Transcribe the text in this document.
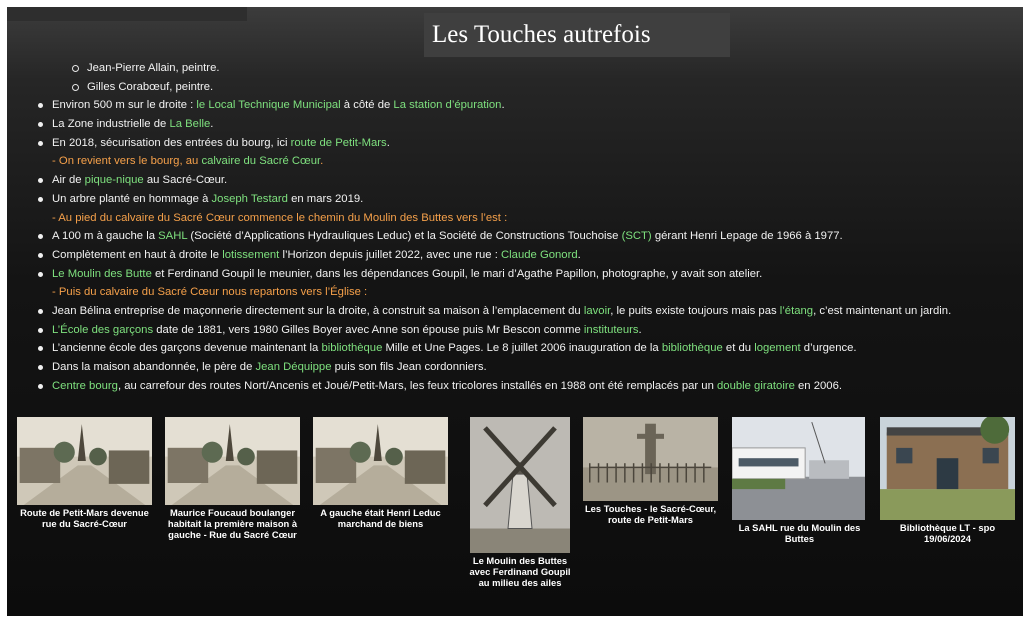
Les Touches autrefois
Jean-Pierre Allain, peintre.
Gilles Corabœuf, peintre.
Environ 500 m sur le droite : le Local Technique Municipal à côté de La station d’épuration.
La Zone industrielle de La Belle.
En 2018, sécurisation des entrées du bourg, ici route de Petit-Mars.
- On revient vers le bourg, au calvaire du Sacré Cœur.
Air de pique-nique au Sacré-Cœur.
Un arbre planté en hommage à Joseph Testard en mars 2019.
- Au pied du calvaire du Sacré Cœur commence le chemin du Moulin des Buttes vers l’est :
A 100 m à gauche la SAHL (Société d’Applications Hydrauliques Leduc) et la Société de Constructions Touchoise (SCT) gérant Henri Lepage de 1966 à 1977.
Complètement en haut à droite le lotissement l’Horizon depuis juillet 2022, avec une rue : Claude Gonord.
Le Moulin des Butte et Ferdinand Goupil le meunier, dans les dépendances Goupil, le mari d’Agathe Papillon, photographe, y avait son atelier.
- Puis du calvaire du Sacré Cœur nous repartons vers l’Église :
Jean Bélina entreprise de maçonnerie directement sur la droite, à construit sa maison à l’emplacement du lavoir, le puits existe toujours mais pas l’étang, c’est maintenant un jardin.
L’École des garçons date de 1881, vers 1980 Gilles Boyer avec Anne son épouse puis Mr Bescon comme instituteurs.
L’ancienne école des garçons devenue maintenant la bibliothèque Mille et Une Pages. Le 8 juillet 2006 inauguration de la bibliothèque et du logement d’urgence.
Dans la maison abandonnée, le père de Jean Déquippe puis son fils Jean cordonniers.
Centre bourg, au carrefour des routes Nort/Ancenis et Joué/Petit-Mars, les feux tricolores installés en 1988 ont été remplacés par un double giratoire en 2006.
Route de Petit-Mars devenue rue du Sacré-Cœur
Maurice Foucaud boulanger habitait la première maison à gauche - Rue du Sacré Cœur
A gauche était Henri Leduc marchand de biens
Le Moulin des Buttes avec Ferdinand Goupil au milieu des ailes
Les Touches - le Sacré-Cœur, route de Petit-Mars
La SAHL rue du Moulin des Buttes
Bibliothèque LT - spo 19/06/2024
